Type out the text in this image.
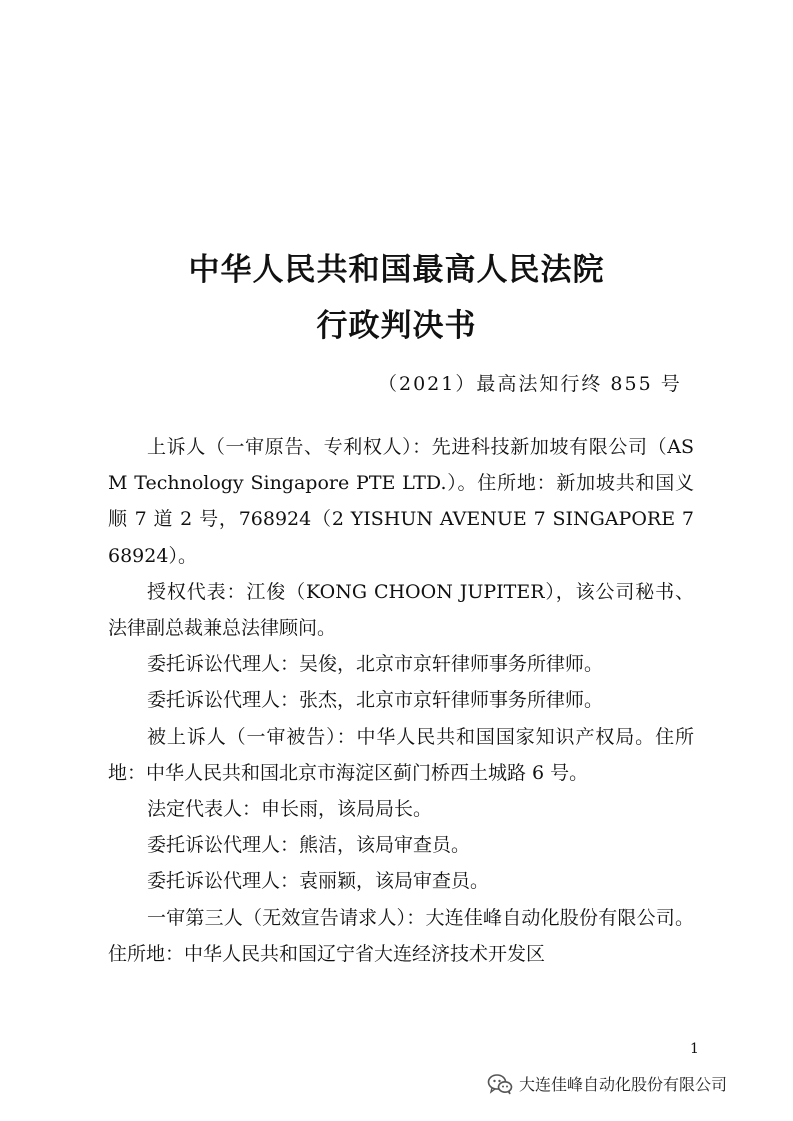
中华人民共和国最高人民法院
行政判决书
（2021）最高法知行终 855 号

上诉人（一审原告、专利权人）：先进科技新加坡有限公司（ASM Technology Singapore PTE LTD.）。住所地：新加坡共和国义顺 7 道 2 号，768924（2 YISHUN AVENUE 7 SINGAPORE 768924）。

授权代表：江俊（KONG CHOON JUPITER），该公司秘书、法律副总裁兼总法律顾问。

委托诉讼代理人：吴俊，北京市京轩律师事务所律师。

委托诉讼代理人：张杰，北京市京轩律师事务所律师。

被上诉人（一审被告）：中华人民共和国国家知识产权局。住所地：中华人民共和国北京市海淀区蓟门桥西土城路 6 号。

法定代表人：申长雨，该局局长。

委托诉讼代理人：熊洁，该局审查员。

委托诉讼代理人：袁丽颖，该局审查员。

一审第三人（无效宣告请求人）：大连佳峰自动化股份有限公司。住所地：中华人民共和国辽宁省大连经济技术开发区

1
大连佳峰自动化股份有限公司
